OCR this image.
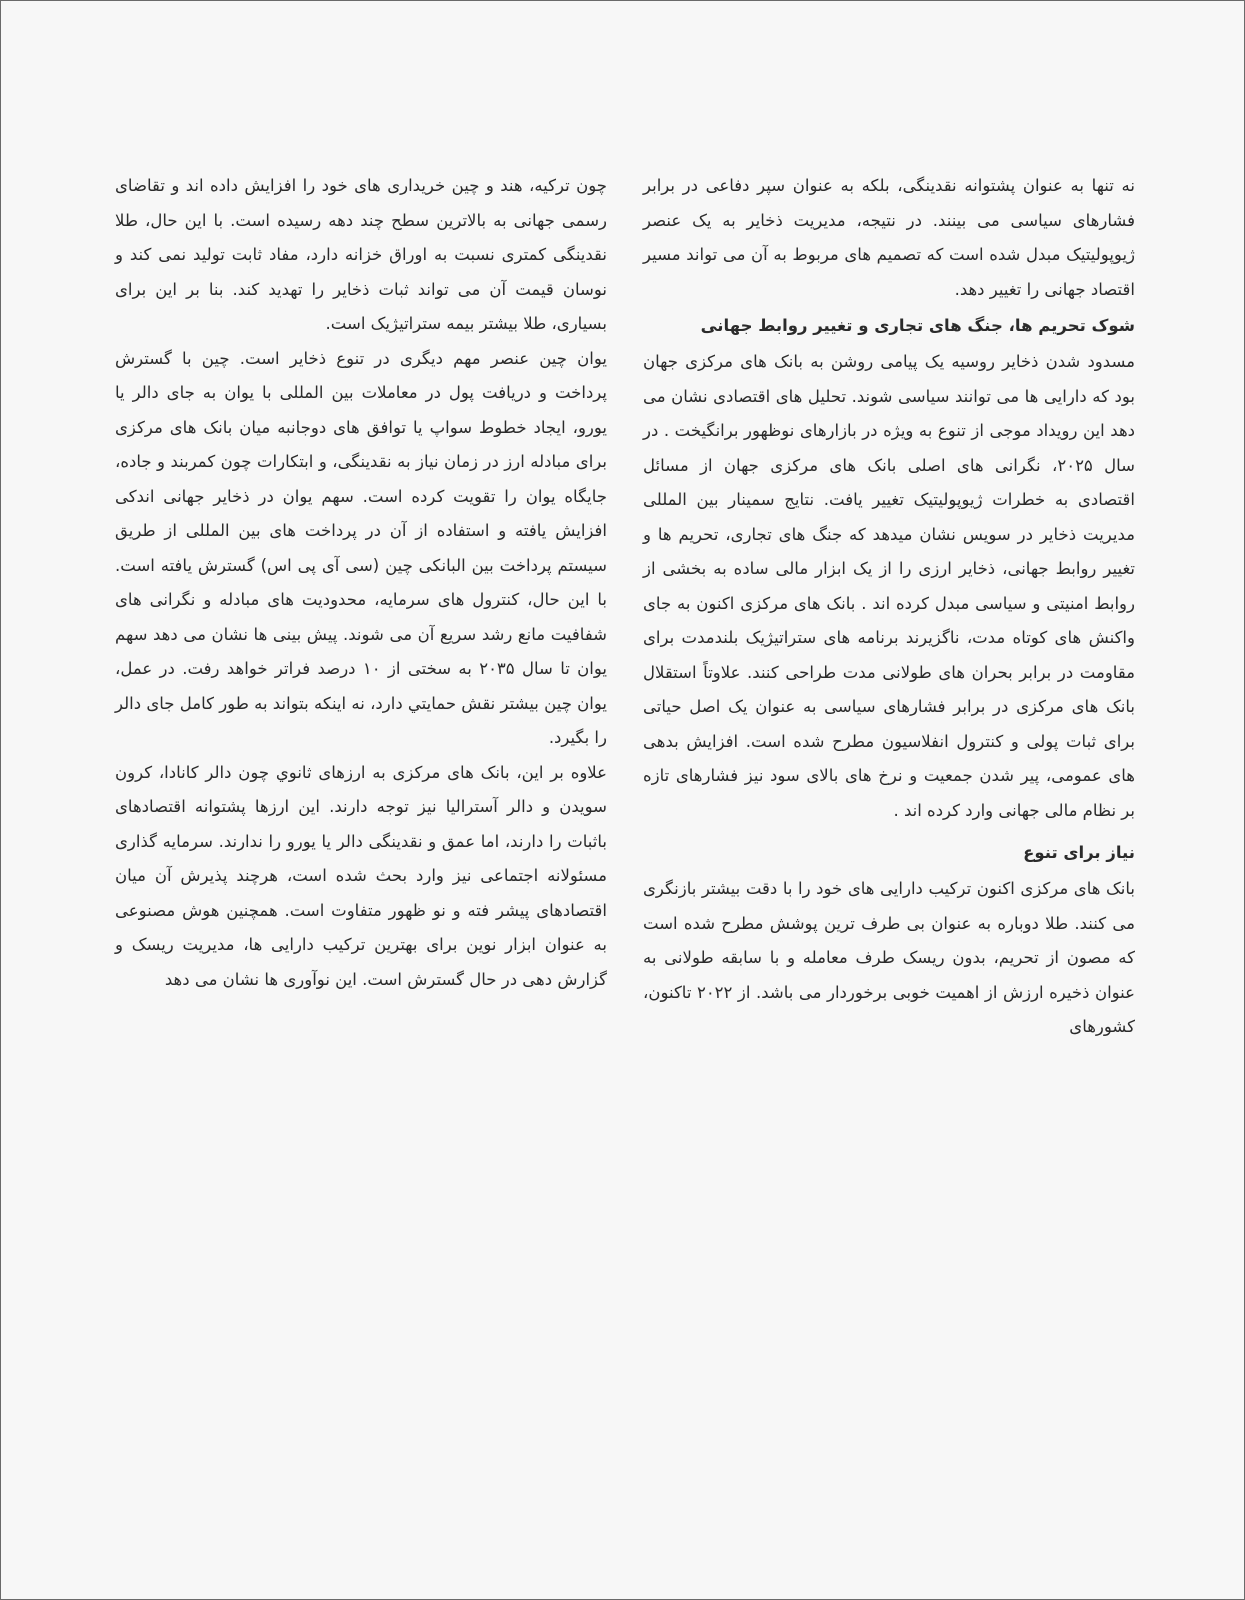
نه تنها به عنوان پشتوانه نقدینگی، بلکه به عنوان سپر دفاعی در برابر فشارهای سیاسی می بینند. در نتیجه، مدیریت ذخایر به یک عنصر ژیوپولیتیک مبدل شده است که تصمیم های مربوط به آن می تواند مسیر اقتصاد جهانی را تغییر دهد.

شوک تحریم ها، جنگ های تجاری و تغییر روابط جهانی

مسدود شدن ذخایر روسیه یک پیامی روشن به بانک های مرکزی جهان بود که دارایی ها می توانند سیاسی شوند. تحلیل های اقتصادی نشان می دهد این رویداد موجی از تنوع به ویژه در بازارهای نوظهور برانگیخت . در سال ۲۰۲۵، نگرانی های اصلی بانک های مرکزی جهان از مسائل اقتصادی به خطرات ژیوپولیتیک تغییر یافت. نتایج سمینار بین المللی مدیریت ذخایر در سویس نشان میدهد که جنگ های تجاری، تحریم ها و تغییر روابط جهانی، ذخایر ارزی را از یک ابزار مالی ساده به بخشی از روابط امنیتی و سیاسی مبدل کرده اند . بانک های مرکزی اکنون به جای واکنش های کوتاه مدت، ناگزیرند برنامه های ستراتیژیک بلندمدت برای مقاومت در برابر بحران های طولانی مدت طراحی کنند. علاوتاً استقلال بانک های مرکزی در برابر فشارهای سیاسی به عنوان یک اصل حیاتی برای ثبات پولی و کنترول انفلاسیون مطرح شده است. افزایش بدهی های عمومی، پیر شدن جمعیت و نرخ های بالای سود نیز فشارهای تازه بر نظام مالی جهانی وارد کرده اند .

نیاز برای تنوع

بانک های مرکزی اکنون ترکیب دارایی های خود را با دقت بیشتر بازنگری می کنند. طلا دوباره به عنوان بی طرف ترین پوشش مطرح شده است که مصون از تحریم، بدون ریسک طرف معامله و با سابقه طولانی به عنوان ذخیره ارزش از اهمیت خوبی برخوردار می باشد. از ۲۰۲۲ تاکنون، کشورهای

چون ترکیه، هند و چین خریداری های خود را افزایش داده اند و تقاضای رسمی جهانی به بالاترین سطح چند دهه رسیده است. با این حال، طلا نقدینگی کمتری نسبت به اوراق خزانه دارد، مفاد ثابت تولید نمی کند و نوسان قیمت آن می تواند ثبات ذخایر را تهدید کند. بنا بر این برای بسیاری، طلا بیشتر بیمه ستراتیژیک است.

یوان چین عنصر مهم دیگری در تنوع ذخایر است. چین با گسترش پرداخت و دریافت پول در معاملات بین المللی با یوان به جای دالر یا یورو، ایجاد خطوط سواپ یا توافق های دوجانبه میان بانک های مرکزی برای مبادله ارز در زمان نیاز به نقدینگی، و ابتکارات چون کمربند و جاده، جایگاه یوان را تقویت کرده است. سهم یوان در ذخایر جهانی اندکی افزایش یافته و استفاده از آن در پرداخت های بین المللی از طریق سیستم پرداخت بین البانکی چین (سی آی پی اس) گسترش یافته است. با این حال، کنترول های سرمایه، محدودیت های مبادله و نگرانی های شفافیت مانع رشد سریع آن می شوند. پیش بینی ها نشان می دهد سهم یوان تا سال ۲۰۳۵ به سختی از ۱۰ درصد فراتر خواهد رفت. در عمل، یوان چین بیشتر نقش حمایتي دارد، نه اینکه بتواند به طور کامل جای دالر را بگیرد.

علاوه بر این، بانک های مرکزی به ارزهای ثانوي چون دالر کانادا، کرون سویدن و دالر آسترالیا نیز توجه دارند. این ارزها پشتوانه اقتصادهای باثبات را دارند، اما عمق و نقدینگی دالر یا یورو را ندارند. سرمایه گذاری مسئولانه اجتماعی نیز وارد بحث شده است، هرچند پذیرش آن میان اقتصادهای پیشر فته و نو ظهور متفاوت است. همچنین هوش مصنوعی به عنوان ابزار نوین برای بهترین ترکیب دارایی ها، مدیریت ریسک و گزارش دهی در حال گسترش است. این نوآوری ها نشان می دهد
